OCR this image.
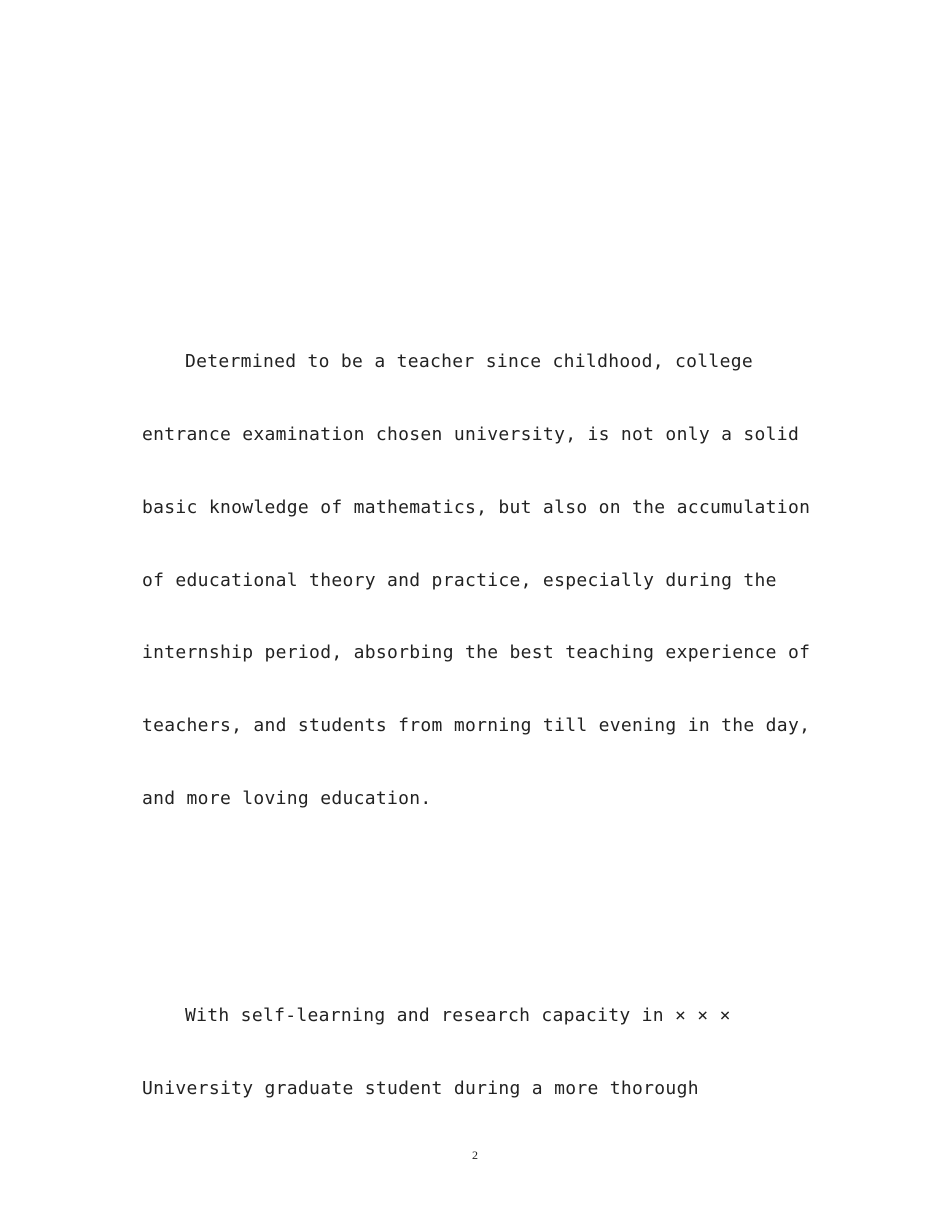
Determined to be a teacher since childhood, college
entrance examination chosen university, is not only a solid
basic knowledge of mathematics, but also on the accumulation
of educational theory and practice, especially during the
internship period, absorbing the best teaching experience of
teachers, and students from morning till evening in the day,
and more loving education.
With self-learning and research capacity in × × ×
University graduate student during a more thorough
2
